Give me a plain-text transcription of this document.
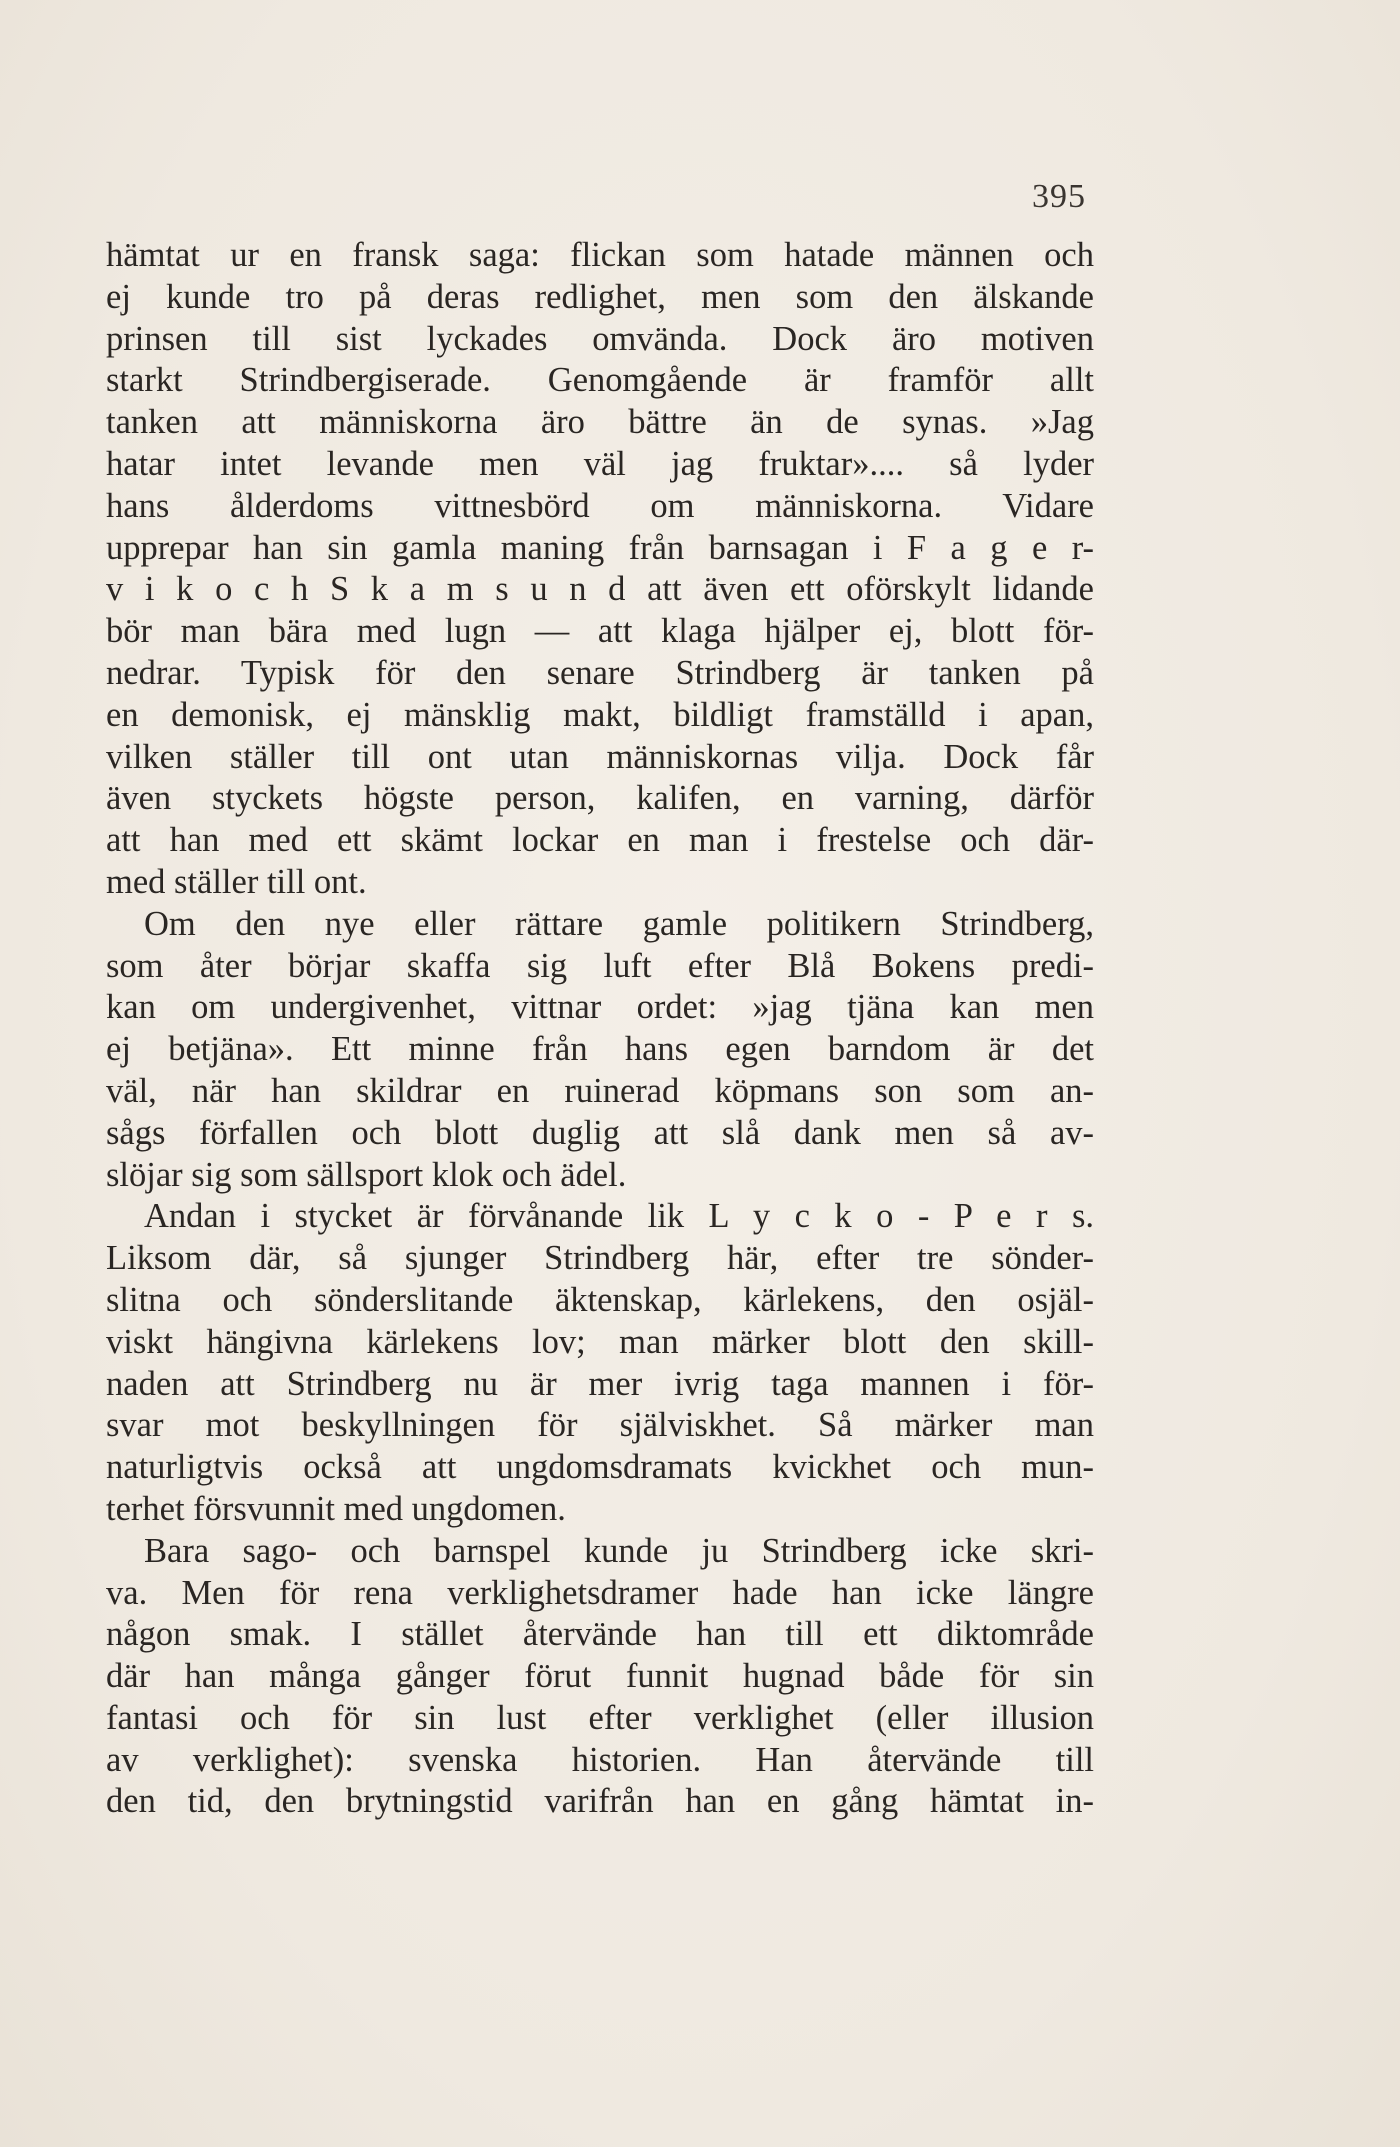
395
hämtat ur en fransk saga: flickan som hatade männen och
ej kunde tro på deras redlighet, men som den älskande
prinsen till sist lyckades omvända. Dock äro motiven
starkt Strindbergiserade. Genomgående är framför allt
tanken att människorna äro bättre än de synas. »Jag
hatar intet levande men väl jag fruktar».... så lyder
hans ålderdoms vittnesbörd om människorna. Vidare
upprepar han sin gamla maning från barnsagan i F a g e r-
v i k o c h S k a m s u n d att även ett oförskylt lidande
bör man bära med lugn — att klaga hjälper ej, blott för-
nedrar. Typisk för den senare Strindberg är tanken på
en demonisk, ej mänsklig makt, bildligt framställd i apan,
vilken ställer till ont utan människornas vilja. Dock får
även styckets högste person, kalifen, en varning, därför
att han med ett skämt lockar en man i frestelse och där-
med ställer till ont.
Om den nye eller rättare gamle politikern Strindberg,
som åter börjar skaffa sig luft efter Blå Bokens predi-
kan om undergivenhet, vittnar ordet: »jag tjäna kan men
ej betjäna». Ett minne från hans egen barndom är det
väl, när han skildrar en ruinerad köpmans son som an-
sågs förfallen och blott duglig att slå dank men så av-
slöjar sig som sällsport klok och ädel.
Andan i stycket är förvånande lik L y c k o - P e r s.
Liksom där, så sjunger Strindberg här, efter tre sönder-
slitna och sönderslitande äktenskap, kärlekens, den osjäl-
viskt hängivna kärlekens lov; man märker blott den skill-
naden att Strindberg nu är mer ivrig taga mannen i för-
svar mot beskyllningen för själviskhet. Så märker man
naturligtvis också att ungdomsdramats kvickhet och mun-
terhet försvunnit med ungdomen.
Bara sago- och barnspel kunde ju Strindberg icke skri-
va. Men för rena verklighetsdramer hade han icke längre
någon smak. I stället återvände han till ett diktområde
där han många gånger förut funnit hugnad både för sin
fantasi och för sin lust efter verklighet (eller illusion
av verklighet): svenska historien. Han återvände till
den tid, den brytningstid varifrån han en gång hämtat in-
